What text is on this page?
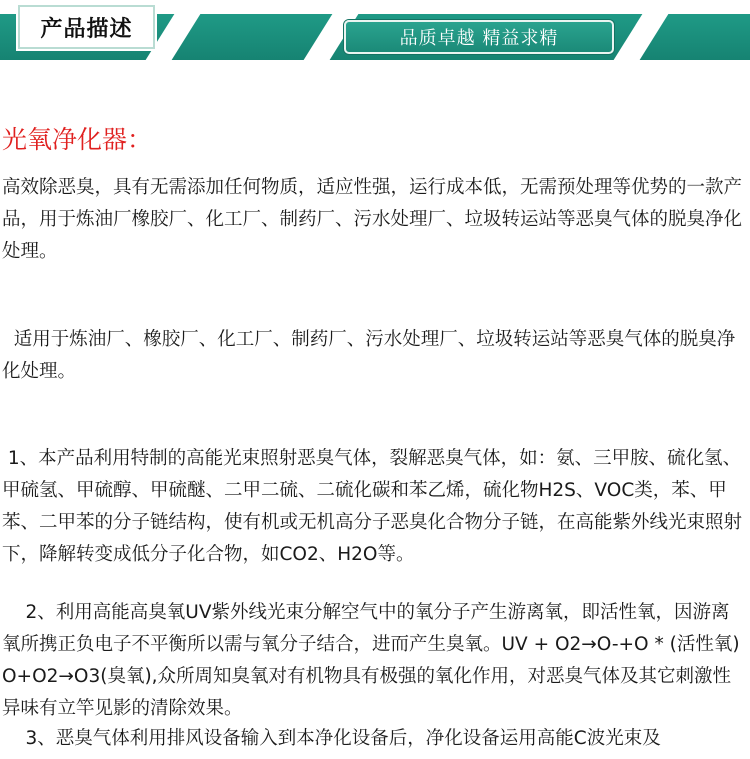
产品描述	品质卓越 精益求精
光氧净化器：

高效除恶臭，具有无需添加任何物质，适应性强，运行成本低，无需预处理等优势的一款产品，用于炼油厂橡胶厂、化工厂、制药厂、污水处理厂、垃圾转运站等恶臭气体的脱臭净化处理。

适用于炼油厂、橡胶厂、化工厂、制药厂、污水处理厂、垃圾转运站等恶臭气体的脱臭净化处理。

1、本产品利用特制的高能光束照射恶臭气体，裂解恶臭气体，如：氨、三甲胺、硫化氢、甲硫氢、甲硫醇、甲硫醚、二甲二硫、二硫化碳和苯乙烯，硫化物H2S、VOC类，苯、甲苯、二甲苯的分子链结构，使有机或无机高分子恶臭化合物分子链，在高能紫外线光束照射下，降解转变成低分子化合物，如CO2、H2O等。

2、利用高能高臭氧UV紫外线光束分解空气中的氧分子产生游离氧，即活性氧，因游离氧所携正负电子不平衡所以需与氧分子结合，进而产生臭氧。UV + O2→O-+O * (活性氧)O+O2→O3(臭氧),众所周知臭氧对有机物具有极强的氧化作用，对恶臭气体及其它刺激性异味有立竿见影的清除效果。

3、恶臭气体利用排风设备输入到本净化设备后，净化设备运用高能C波光束及
